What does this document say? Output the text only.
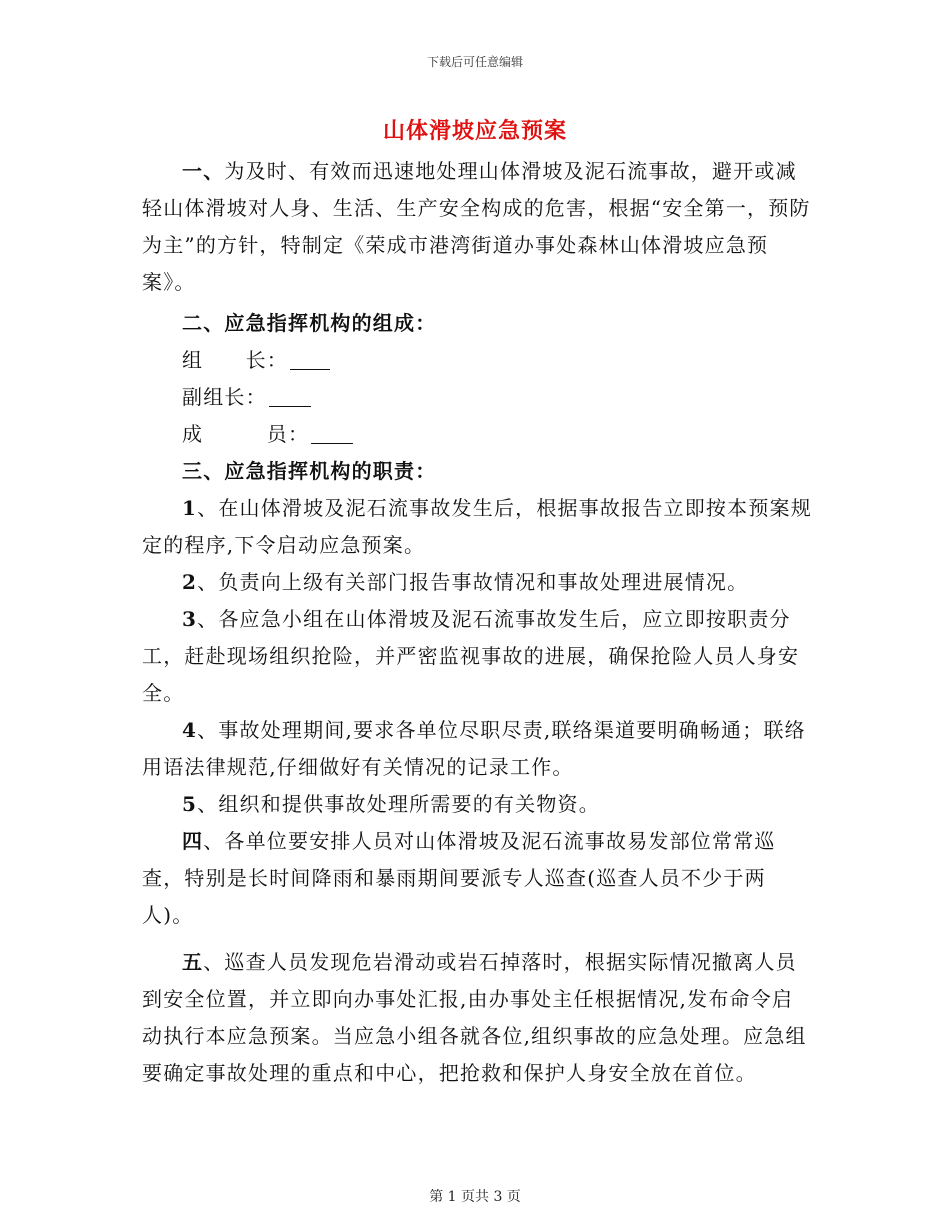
下载后可任意编辑
山体滑坡应急预案

一、为及时、有效而迅速地处理山体滑坡及泥石流事故，避开或减轻山体滑坡对人身、生活、生产安全构成的危害，根据“安全第一，预防为主”的方针，特制定《荣成市港湾街道办事处森林山体滑坡应急预案》。

二、应急指挥机构的组成：

组　　长：
副组长：
成　　　员：

三、应急指挥机构的职责：

1、在山体滑坡及泥石流事故发生后，根据事故报告立即按本预案规定的程序,下令启动应急预案。

2、负责向上级有关部门报告事故情况和事故处理进展情况。

3、各应急小组在山体滑坡及泥石流事故发生后，应立即按职责分工，赶赴现场组织抢险，并严密监视事故的进展，确保抢险人员人身安全。

4、事故处理期间,要求各单位尽职尽责,联络渠道要明确畅通；联络用语法律规范,仔细做好有关情况的记录工作。

5、组织和提供事故处理所需要的有关物资。

四、各单位要安排人员对山体滑坡及泥石流事故易发部位常常巡查，特别是长时间降雨和暴雨期间要派专人巡查(巡查人员不少于两人)。

五、巡查人员发现危岩滑动或岩石掉落时，根据实际情况撤离人员到安全位置，并立即向办事处汇报,由办事处主任根据情况,发布命令启动执行本应急预案。当应急小组各就各位,组织事故的应急处理。应急组要确定事故处理的重点和中心，把抢救和保护人身安全放在首位。

第 1 页共 3 页
